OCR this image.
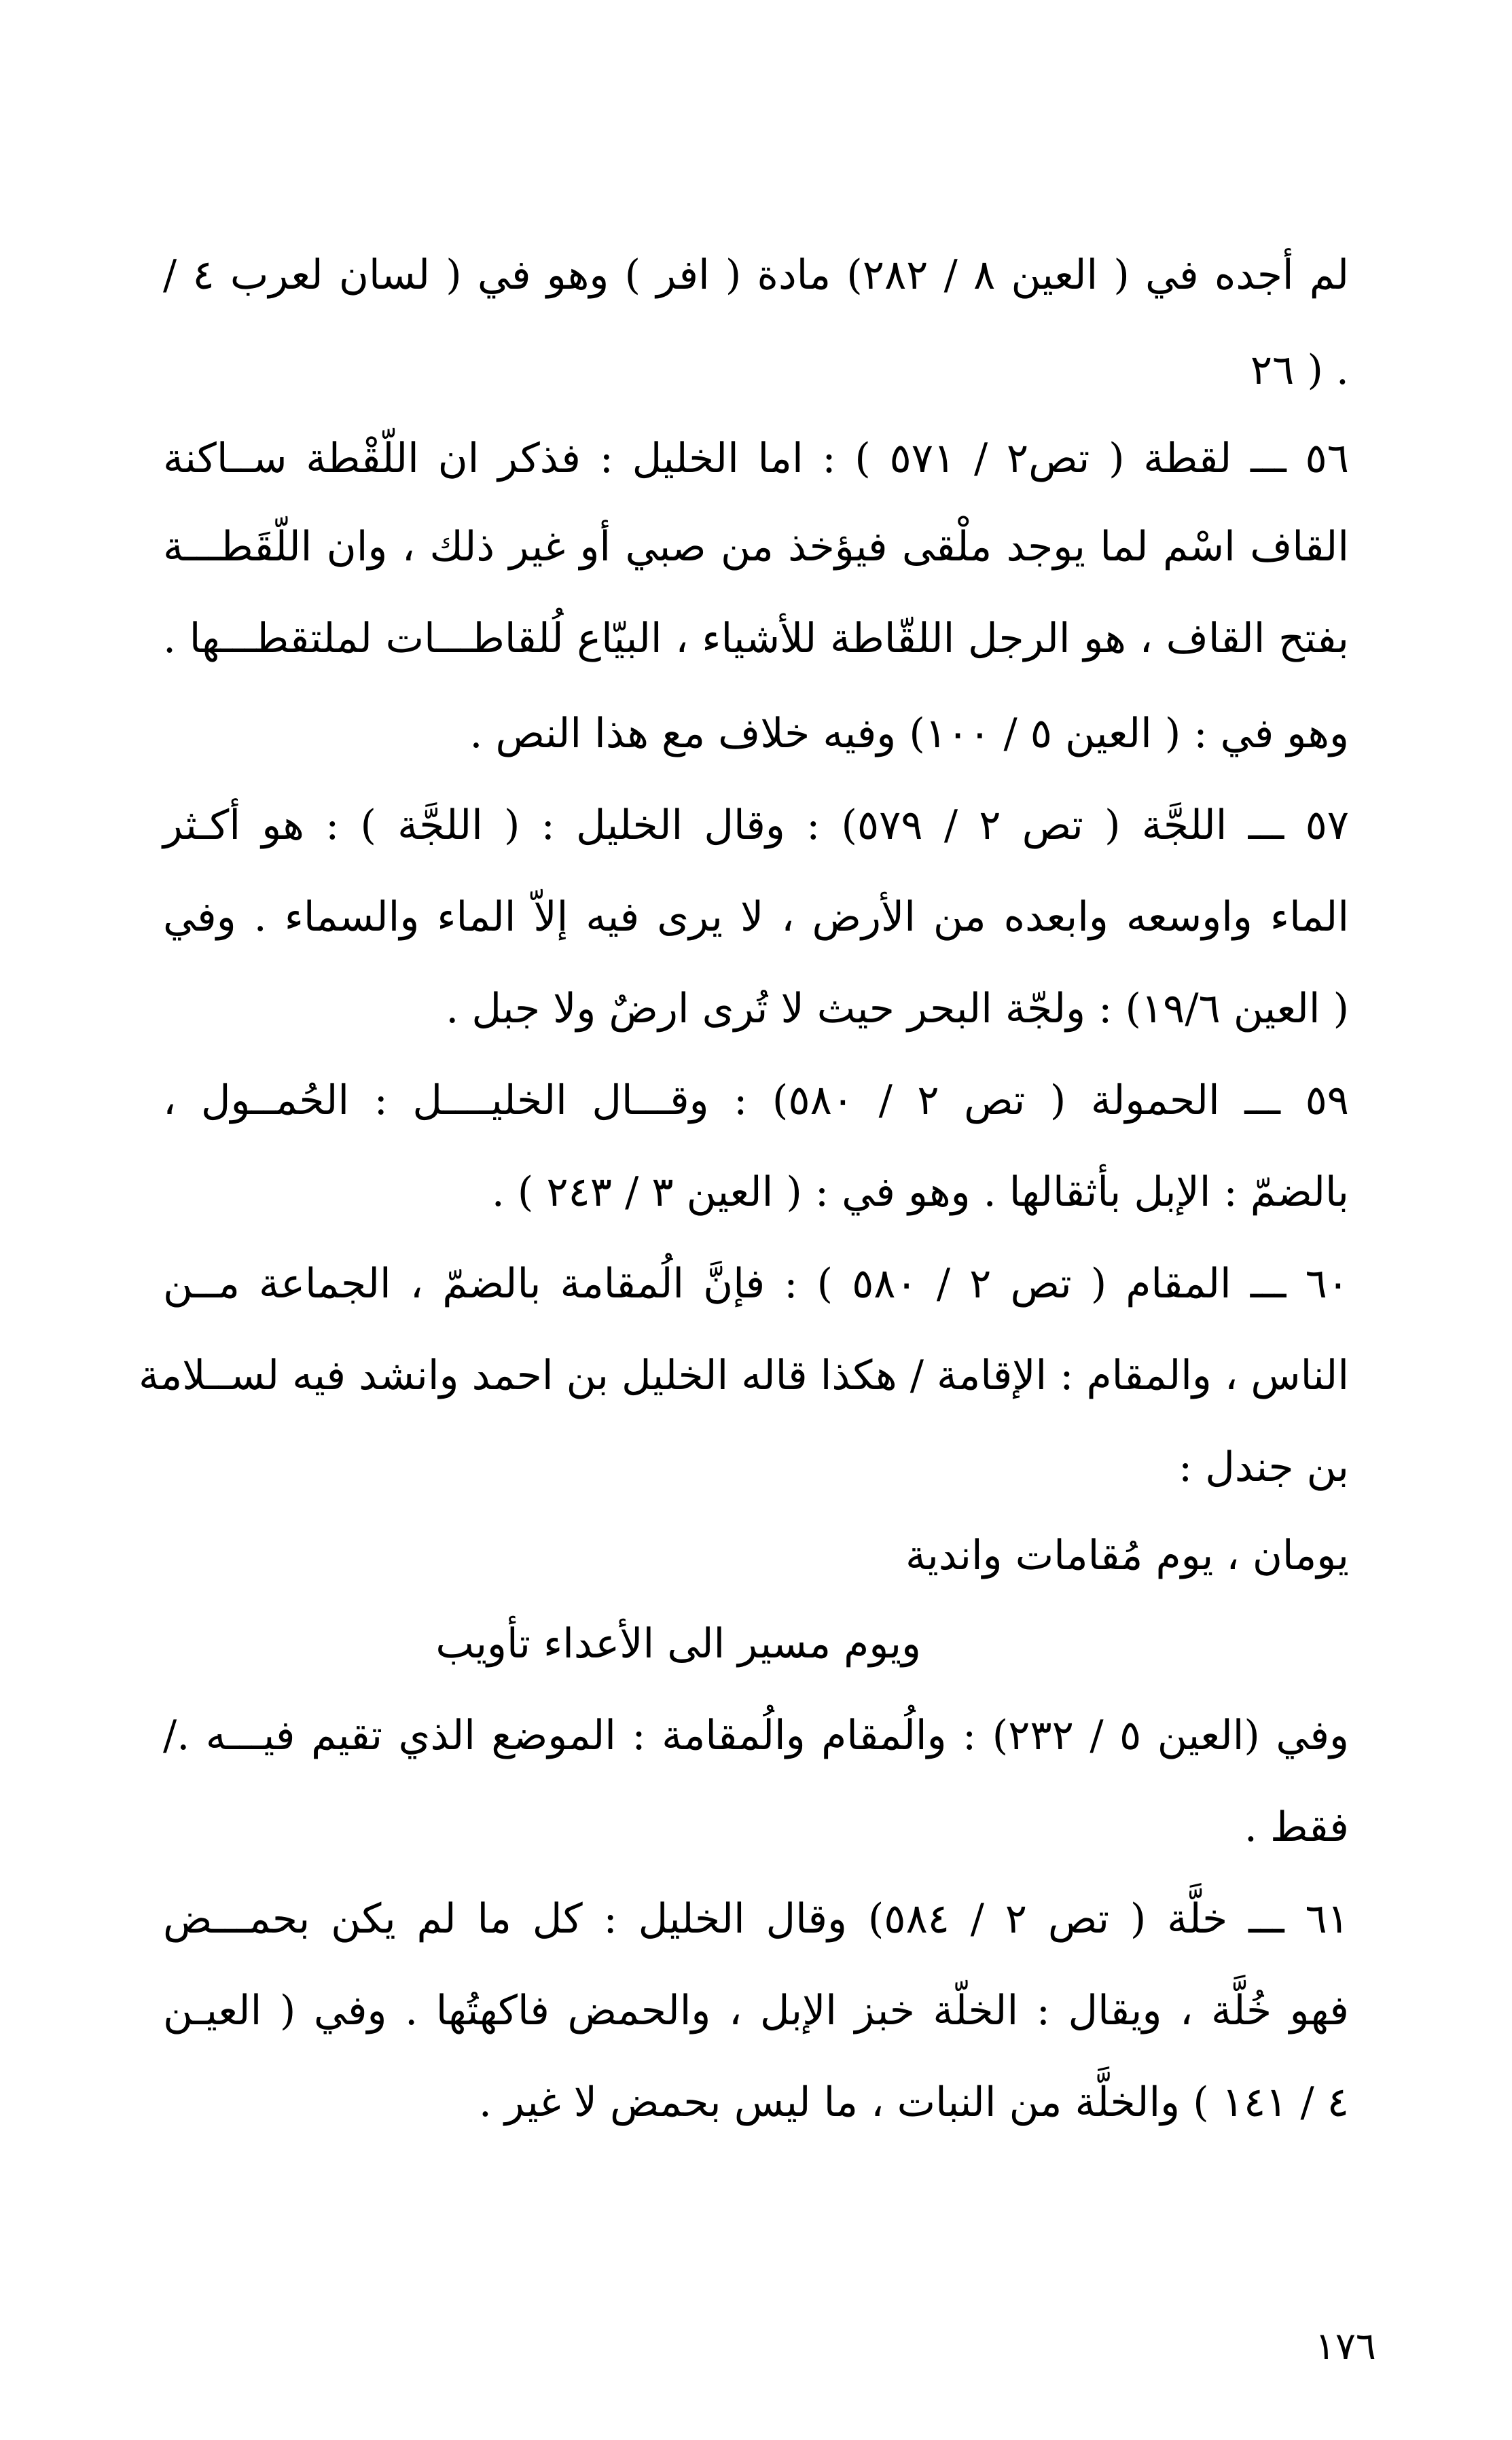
لم أجده في ( العين ٨ / ٢٨٢) مادة ( افر ) وهو في ( لسان لعرب ٤ /
٢٦ ) .
٥٦ ـــ لقطة ( تص٢ / ٥٧١ ) : اما الخليل : فذكر ان اللّقْطة ســاكنة
القاف اسْم لما يوجد ملْقى فيؤخذ من صبي أو غير ذلك ، وان اللّقَطـــة
بفتح القاف ، هو الرجل اللقّاطة للأشياء ، البيّاع لُلقاطـــات لملتقطـــها .
وهو في : ( العين ٥ / ١٠٠) وفيه خلاف مع هذا النص .
٥٧ ـــ اللجَّة ( تص ٢ / ٥٧٩) : وقال الخليل : ( اللجَّة ) : هو أكـثر
الماء واوسعه وابعده من الأرض ، لا يرى فيه إلاّ الماء والسماء . وفي
( العين ١٩/٦) : ولجّة البحر حيث لا تُرى ارضٌ ولا جبل .
٥٩ ـــ الحمولة ( تص ٢ / ٥٨٠) : وقـــال الخليــــل : الحُمــول ،
بالضمّ : الإبل بأثقالها . وهو في : ( العين ٣ / ٢٤٣ ) .
٦٠ ـــ المقام ( تص ٢ / ٥٨٠ ) : فإنَّ الُمقامة بالضمّ ، الجماعة مــن
الناس ، والمقام : الإقامة / هكذا قاله الخليل بن احمد وانشد فيه لســلامة
بن جندل :
يومان ، يوم مُقامات واندية
ويوم مسير الى الأعداء تأويب
وفي (العين ٥ / ٢٣٢) : والُمقام والُمقامة : الموضع الذي تقيم فيـــه ./
فقط .
٦١ ـــ خلَّة ( تص ٢ / ٥٨٤) وقال الخليل : كل ما لم يكن بحمـــض
فهو خُلَّة ، ويقال : الخلّة خبز الإبل ، والحمض فاكهتُها . وفي ( العيـن
٤ / ١٤١ ) والخلَّة من النبات ، ما ليس بحمض لا غير .
١٧٦
